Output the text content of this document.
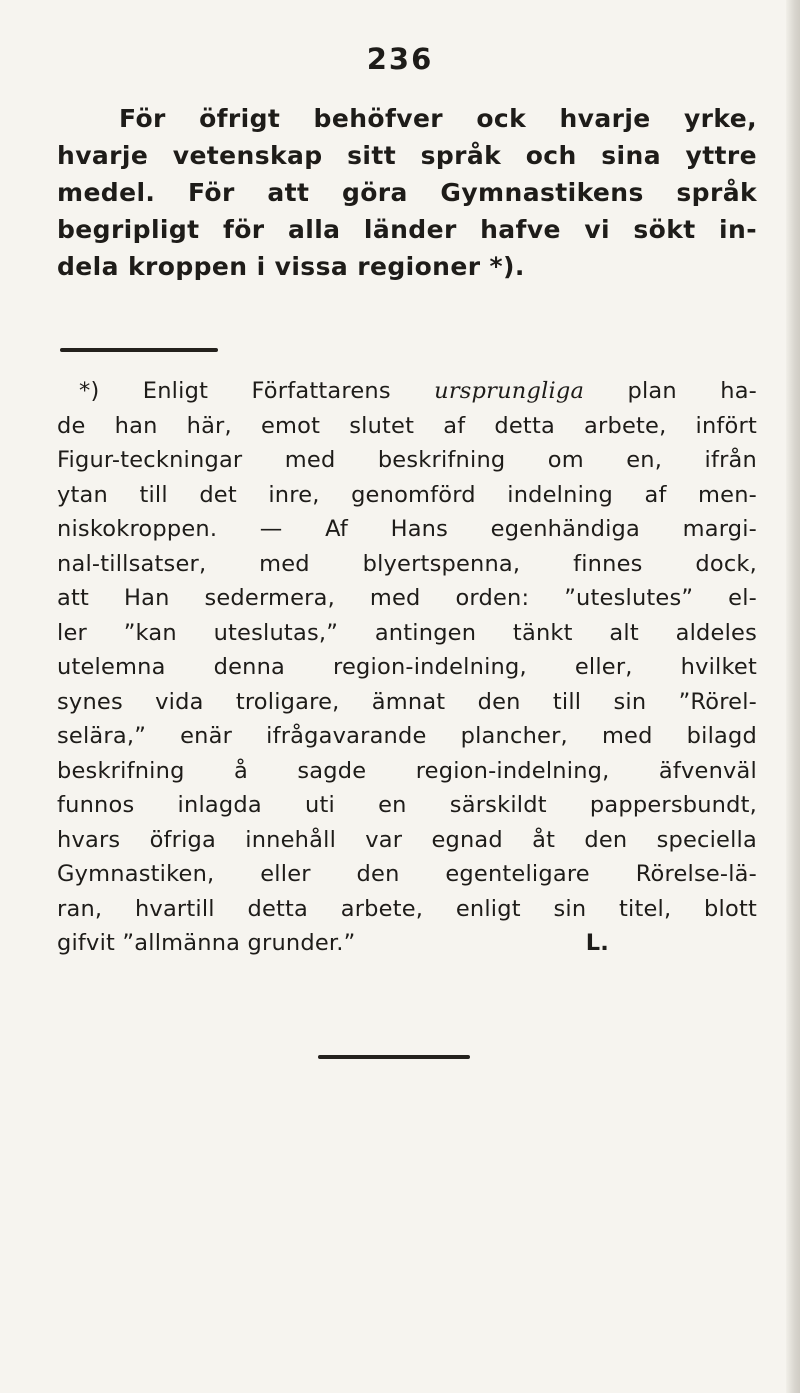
236
För öfrigt behöfver ock hvarje yrke,
hvarje vetenskap sitt språk och sina yttre
medel. För att göra Gymnastikens språk
begripligt för alla länder hafve vi sökt in-
dela kroppen i vissa regioner *).
*) Enligt Författarens ursprungliga plan ha-
de han här, emot slutet af detta arbete, infört
Figur-teckningar med beskrifning om en, ifrån
ytan till det inre, genomförd indelning af men-
niskokroppen. — Af Hans egenhändiga margi-
nal-tillsatser, med blyertspenna, finnes dock,
att Han sedermera, med orden: ”uteslutes” el-
ler ”kan uteslutas,” antingen tänkt alt aldeles
utelemna denna region-indelning, eller, hvilket
synes vida troligare, ämnat den till sin ”Rörel-
selära,” enär ifrågavarande plancher, med bilagd
beskrifning å sagde region-indelning, äfvenväl
funnos inlagda uti en särskildt pappersbundt,
hvars öfriga innehåll var egnad åt den speciella
Gymnastiken, eller den egenteligare Rörelse-lä-
ran, hvartill detta arbete, enligt sin titel, blott
gifvit ”allmänna grunder.”	L.
